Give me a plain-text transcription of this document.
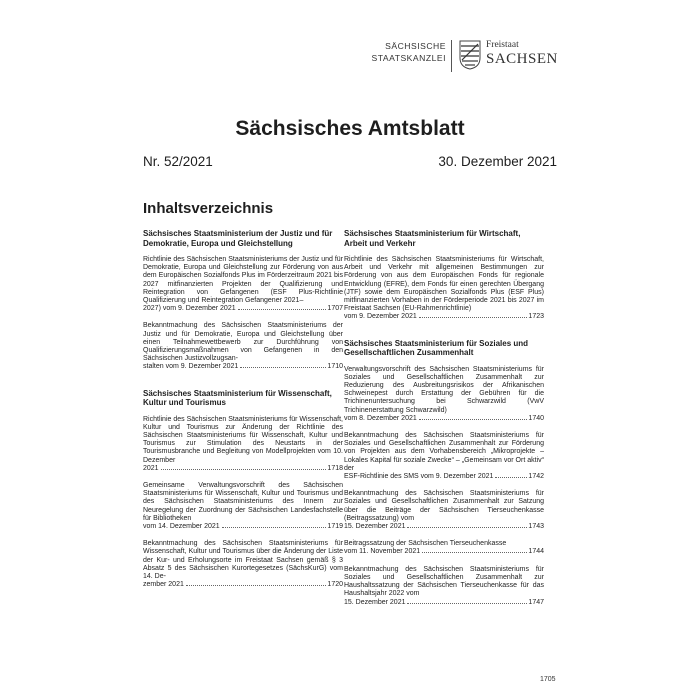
SÄCHSISCHE
STAATSKANZLEI
Freistaat
SACHSEN
Sächsisches Amtsblatt
Nr. 52/2021	30. Dezember 2021
Inhaltsverzeichnis
Sächsisches Staatsministerium der Justiz und für Demokratie, Europa und Gleichstellung
Richtlinie des Sächsischen Staatsministeriums der Justiz und für Demokratie, Europa und Gleichstellung zur Förderung von aus dem Europäischen Sozialfonds Plus im Förderzeitraum 2021 bis 2027 mitfinanzierten Projekten der Qualifizierung und Reintegration von Gefangenen (ESF Plus-Richtlinie Qualifizierung und Reintegration Gefangener 2021–
2027) vom 9. Dezember 2021	1707
Bekanntmachung des Sächsischen Staatsministeriums der Justiz und für Demokratie, Europa und Gleichstellung über einen Teilnahmewettbewerb zur Durchführung von Qualifizierungsmaßnahmen von Gefangenen in den Sächsischen Justizvollzugsan-
stalten vom 9. Dezember 2021	1710
Sächsisches Staatsministerium für Wissenschaft, Kultur und Tourismus
Richtlinie des Sächsischen Staatsministeriums für Wissenschaft, Kultur und Tourismus zur Änderung der Richtlinie des Sächsischen Staatsministeriums für Wissenschaft, Kultur und Tourismus zur Stimulation des Neustarts in der Tourismusbranche und Begleitung von Modellprojekten vom 10. Dezember
2021	1718
Gemeinsame Verwaltungsvorschrift des Sächsischen Staatsministeriums für Wissenschaft, Kultur und Tourismus und des Sächsischen Staatsministeriums des Innern zur Neuregelung der Zuordnung der Sächsischen Landesfachstelle für Bibliotheken
vom 14. Dezember 2021	1719
Bekanntmachung des Sächsischen Staatsministeriums für Wissenschaft, Kultur und Tourismus über die Änderung der Liste der Kur- und Erholungsorte im Freistaat Sachsen gemäß § 3 Absatz 5 des Sächsischen Kurortegesetzes (SächsKurG) vom 14. De-
zember 2021	1720
Sächsisches Staatsministerium für Wirtschaft, Arbeit und Verkehr
Richtlinie des Sächsischen Staatsministeriums für Wirtschaft, Arbeit und Verkehr mit allgemeinen Bestimmungen zur Förderung von aus dem Europäischen Fonds für regionale Entwicklung (EFRE), dem Fonds für einen gerechten Übergang (JTF) sowie dem Europäischen Sozialfonds Plus (ESF Plus) mitfinanzierten Vorhaben in der Förderperiode 2021 bis 2027 im Freistaat Sachsen (EU-Rahmenrichtlinie)
vom 9. Dezember 2021	1723
Sächsisches Staatsministerium für Soziales und Gesellschaftlichen Zusammenhalt
Verwaltungsvorschrift des Sächsischen Staatsministeriums für Soziales und Gesellschaftlichen Zusammenhalt zur Reduzierung des Ausbreitungsrisikos der Afrikanischen Schweinepest durch Erstattung der Gebühren für die Trichinenuntersuchung bei Schwarzwild (VwV Trichinenerstattung Schwarzwild)
vom 8. Dezember 2021	1740
Bekanntmachung des Sächsischen Staatsministeriums für Soziales und Gesellschaftlichen Zusammenhalt zur Förderung von Projekten aus dem Vorhabensbereich „Mikroprojekte – Lokales Kapital für soziale Zwecke“ – „Gemeinsam vor Ort aktiv“ der
ESF-Richtlinie des SMS vom 9. Dezember 2021	1742
Bekanntmachung des Sächsischen Staatsministeriums für Soziales und Gesellschaftlichen Zusammenhalt zur Satzung über die Beiträge der Sächsischen Tierseuchenkasse (Beitragssatzung) vom
15. Dezember 2021	1743
Beitragssatzung der Sächsischen Tierseuchenkasse
vom 11. November 2021	1744
Bekanntmachung des Sächsischen Staatsministeriums für Soziales und Gesellschaftlichen Zusammenhalt zur Haushaltssatzung der Sächsischen Tierseuchenkasse für das Haushaltsjahr 2022 vom
15. Dezember 2021	1747
1705
